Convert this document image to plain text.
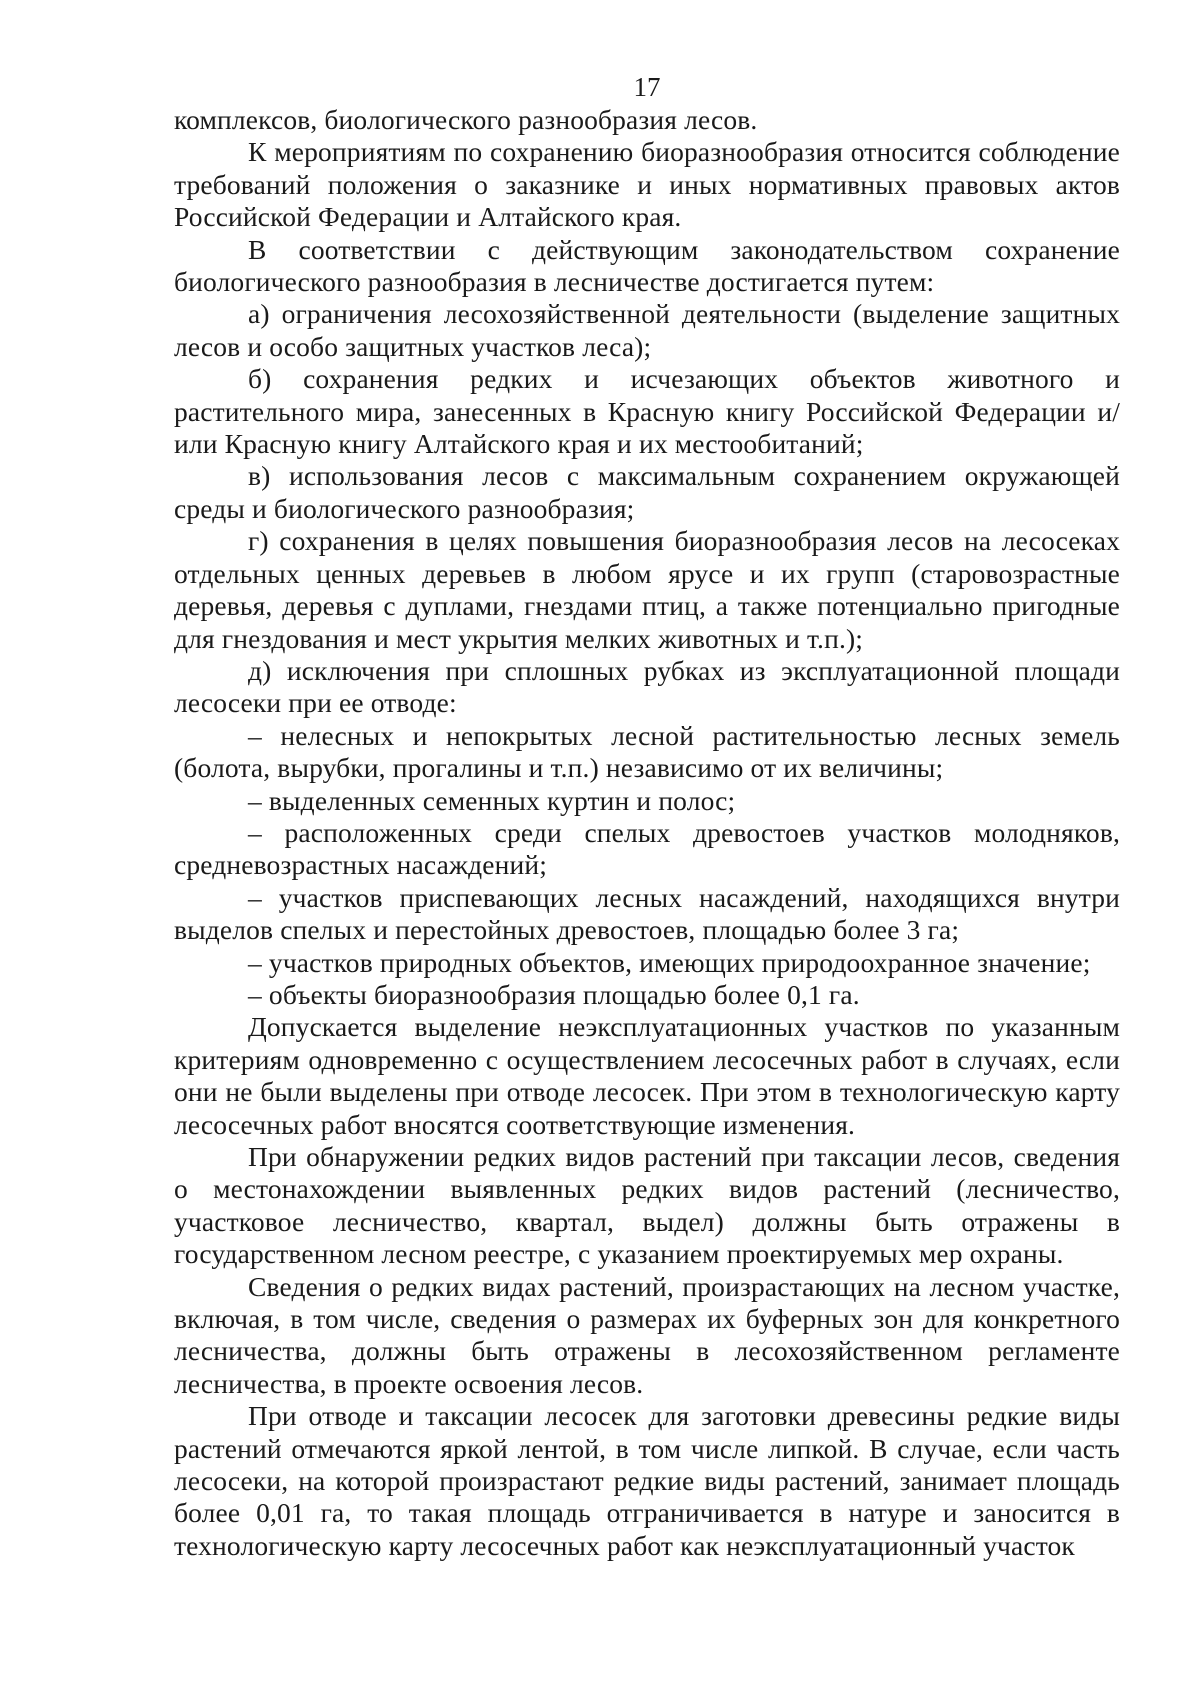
17

комплексов, биологического разнообразия лесов.

К мероприятиям по сохранению биоразнообразия относится соблюдение требований положения о заказнике и иных нормативных правовых актов Российской Федерации и Алтайского края.

В соответствии с действующим законодательством сохранение биологического разнообразия в лесничестве достигается путем:

а) ограничения лесохозяйственной деятельности (выделение защитных лесов и особо защитных участков леса);

б) сохранения редких и исчезающих объектов животного и растительного мира, занесенных в Красную книгу Российской Федерации и/или Красную книгу Алтайского края и их местообитаний;

в) использования лесов с максимальным сохранением окружающей среды и биологического разнообразия;

г) сохранения в целях повышения биоразнообразия лесов на лесосеках отдельных ценных деревьев в любом ярусе и их групп (старовозрастные деревья, деревья с дуплами, гнездами птиц, а также потенциально пригодные для гнездования и мест укрытия мелких животных и т.п.);

д) исключения при сплошных рубках из эксплуатационной площади лесосеки при ее отводе:

– нелесных и непокрытых лесной растительностью лесных земель (болота, вырубки, прогалины и т.п.) независимо от их величины;

– выделенных семенных куртин и полос;

– расположенных среди спелых древостоев участков молодняков, средневозрастных насаждений;

– участков приспевающих лесных насаждений, находящихся внутри выделов спелых и перестойных древостоев, площадью более 3 га;

– участков природных объектов, имеющих природоохранное значение;

– объекты биоразнообразия площадью более 0,1 га.

Допускается выделение неэксплуатационных участков по указанным критериям одновременно с осуществлением лесосечных работ в случаях, если они не были выделены при отводе лесосек. При этом в технологическую карту лесосечных работ вносятся соответствующие изменения.

При обнаружении редких видов растений при таксации лесов, сведения о местонахождении выявленных редких видов растений (лесничество, участковое лесничество, квартал, выдел) должны быть отражены в государственном лесном реестре, с указанием проектируемых мер охраны.

Сведения о редких видах растений, произрастающих на лесном участке, включая, в том числе, сведения о размерах их буферных зон для конкретного лесничества, должны быть отражены в лесохозяйственном регламенте лесничества, в проекте освоения лесов.

При отводе и таксации лесосек для заготовки древесины редкие виды растений отмечаются яркой лентой, в том числе липкой. В случае, если часть лесосеки, на которой произрастают редкие виды растений, занимает площадь более 0,01 га, то такая площадь отграничивается в натуре и заносится в технологическую карту лесосечных работ как неэксплуатационный участок
